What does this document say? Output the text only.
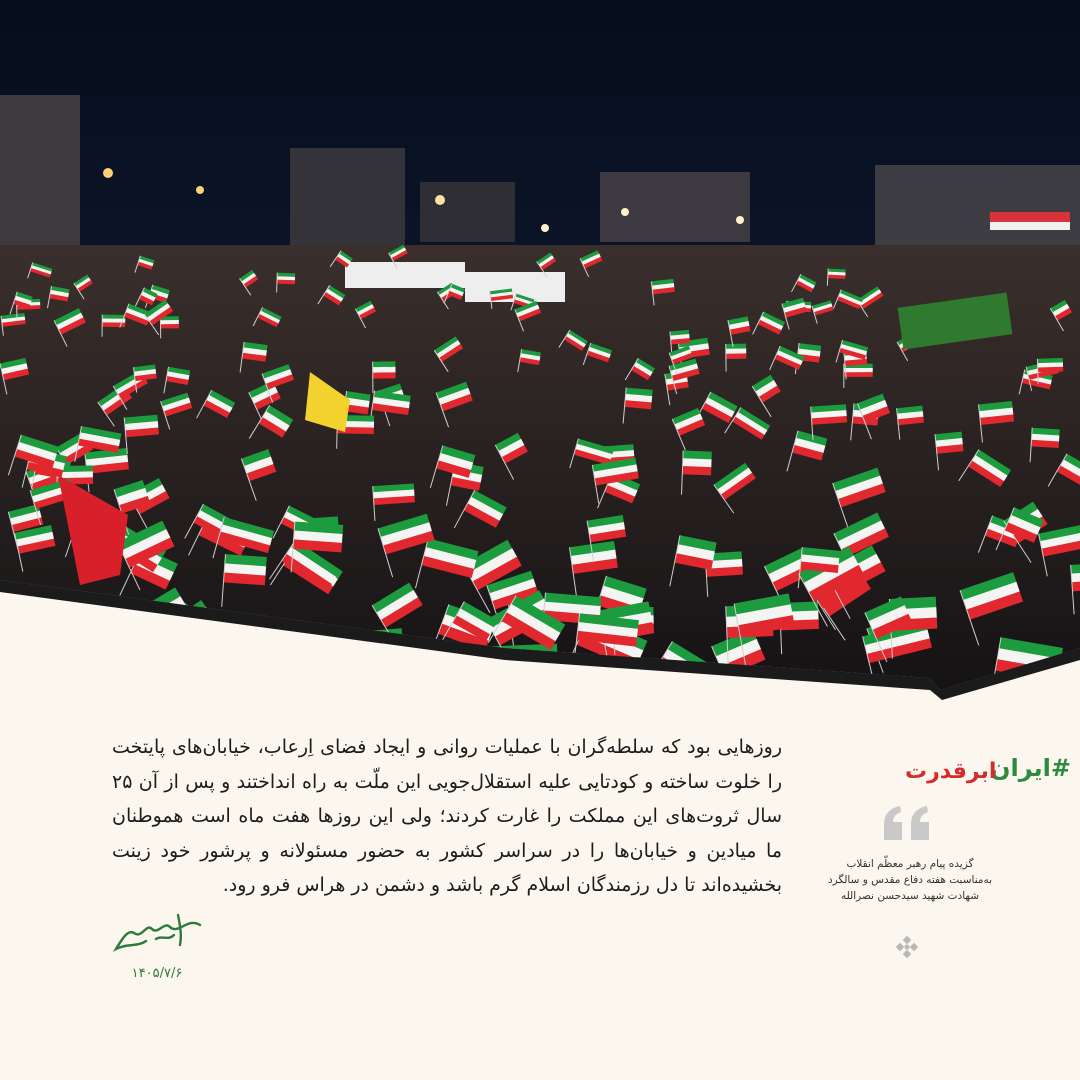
روزهایی بود که سلطه‌گران با عملیات روانی و ایجاد فضای اِرعاب، خیابان‌های پایتخت را خلوت ساخته و کودتایی علیه استقلال‌جویی این ملّت به راه انداختند و پس از آن ۲۵ سال ثروت‌های این مملکت را غارت کردند؛ ولی این روزها هفت ماه است هموطنان ما میادین و خیابان‌ها را در سراسر کشور به حضور مسئولانه و پرشور خود زینت بخشیده‌اند تا دل رزمندگان اسلام گرم باشد و دشمن در هراس فرو رود.
۱۴۰۵/۷/۶
#ایران
ابرقدرت
گزیده پیام رهبر معظّم انقلاب
به‌مناسبت هفته دفاع مقدس و سالگرد
شهادت شهید سیدحسن نصرالله
